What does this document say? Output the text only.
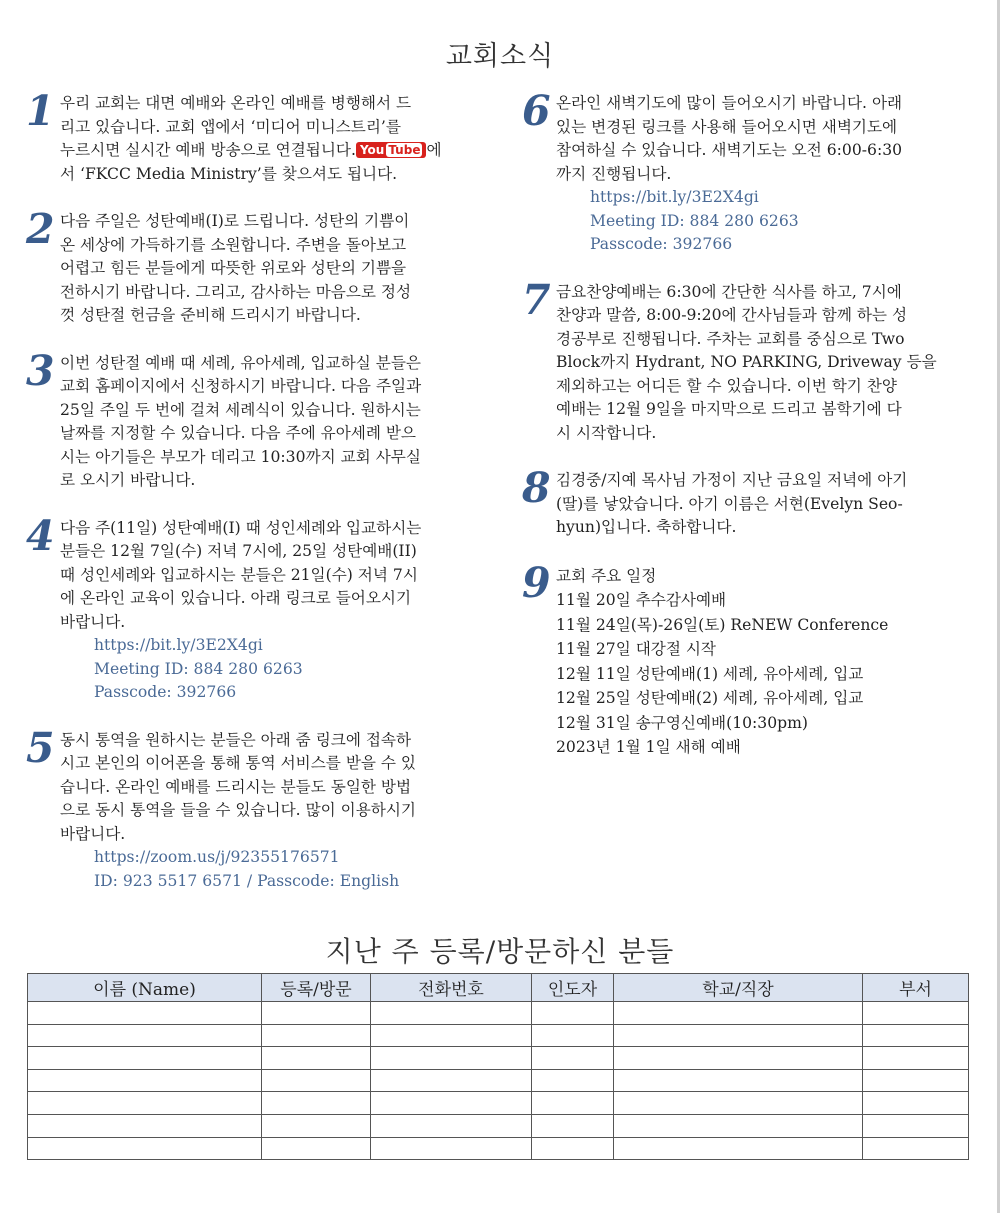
교회소식
1 우리 교회는 대면 예배와 온라인 예배를 병행해서 드
리고 있습니다. 교회 앱에서 ‘미디어 미니스트리’를
누르시면 실시간 예배 방송으로 연결됩니다. You Tube 에
서 ‘FKCC Media Ministry’를 찾으셔도 됩니다.
2 다음 주일은 성탄예배(I)로 드립니다. 성탄의 기쁨이
온 세상에 가득하기를 소원합니다. 주변을 돌아보고
어렵고 힘든 분들에게 따뜻한 위로와 성탄의 기쁨을
전하시기 바랍니다. 그리고, 감사하는 마음으로 정성
껏 성탄절 헌금을 준비해 드리시기 바랍니다.
3 이번 성탄절 예배 때 세례, 유아세례, 입교하실 분들은
교회 홈페이지에서 신청하시기 바랍니다. 다음 주일과
25일 주일 두 번에 걸쳐 세례식이 있습니다. 원하시는
날짜를 지정할 수 있습니다. 다음 주에 유아세례 받으
시는 아기들은 부모가 데리고 10:30까지 교회 사무실
로 오시기 바랍니다.
4 다음 주(11일) 성탄예배(I) 때 성인세례와 입교하시는
분들은 12월 7일(수) 저녁 7시에, 25일 성탄예배(II)
때 성인세례와 입교하시는 분들은 21일(수) 저녁 7시
에 온라인 교육이 있습니다. 아래 링크로 들어오시기
바랍니다.
https://bit.ly/3E2X4gi
Meeting ID: 884 280 6263
Passcode: 392766
5 동시 통역을 원하시는 분들은 아래 줌 링크에 접속하
시고 본인의 이어폰을 통해 통역 서비스를 받을 수 있
습니다. 온라인 예배를 드리시는 분들도 동일한 방법
으로 동시 통역을 들을 수 있습니다. 많이 이용하시기
바랍니다.
https://zoom.us/j/92355176571
ID: 923 5517 6571 / Passcode: English
6 온라인 새벽기도에 많이 들어오시기 바랍니다. 아래
있는 변경된 링크를 사용해 들어오시면 새벽기도에
참여하실 수 있습니다. 새벽기도는 오전 6:00-6:30
까지 진행됩니다.
https://bit.ly/3E2X4gi
Meeting ID: 884 280 6263
Passcode: 392766
7 금요찬양예배는 6:30에 간단한 식사를 하고, 7시에
찬양과 말씀, 8:00-9:20에 간사님들과 함께 하는 성
경공부로 진행됩니다. 주차는 교회를 중심으로 Two
Block까지 Hydrant, NO PARKING, Driveway 등을
제외하고는 어디든 할 수 있습니다. 이번 학기 찬양
예배는 12월 9일을 마지막으로 드리고 봄학기에 다
시 시작합니다.
8 김경중/지예 목사님 가정이 지난 금요일 저녁에 아기
(딸)를 낳았습니다. 아기 이름은 서현(Evelyn Seo-
hyun)입니다. 축하합니다.
9 교회 주요 일정
11월 20일 추수감사예배
11월 24일(목)-26일(토) ReNEW Conference
11월 27일 대강절 시작
12월 11일 성탄예배(1) 세례, 유아세례, 입교
12월 25일 성탄예배(2) 세례, 유아세례, 입교
12월 31일 송구영신예배(10:30pm)
2023년 1월 1일 새해 예배
지난 주 등록/방문하신 분들
이름 (Name)	등록/방문	전화번호	인도자	학교/직장	부서
